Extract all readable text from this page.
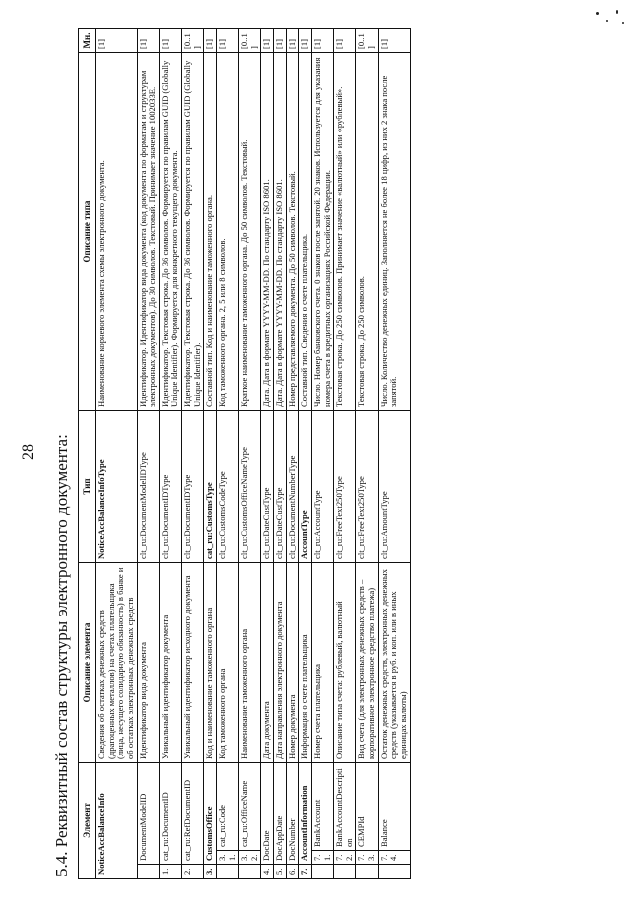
28 5.4. Реквизитный состав структуры электронного документа: Элемент			Описание элемента	Тип	Описание типа	Мн.
NoticeAccBalanceInfo			Сведения об остатках денежных средств (драгоценных металлов) на счетах плательщика (лица, несущего солидарную обязанность) в банке и об остатках электронных денежных средств	NoticeAccBalanceInfoType	Наименование корневого элемента схемы электронного документа.	[1]
	DocumentModelID		Идентификатор вида документа	clt_ru:DocumentModelIDType	Идентификатор. Идентификатор вида документа (код документа по форматам и структурам электронных документов). До 30 символов. Текстовый. Принимает значение 1002033Е.	[1]
1.	cat_ru:DocumentID		Уникальный идентификатор документа	clt_ru:DocumentIDType	Идентификатор. Текстовая строка. До 36 символов. Формируется по правилам GUID (Globally Unique Identifier). Формируется для конкретного текущего документа.	[1]
2.	cat_ru:RefDocumentID		Уникальный идентификатор исходного документа	clt_ru:DocumentIDType	Идентификатор. Текстовая строка. До 36 символов. Формируется по правилам GUID (Globally Unique Identifier).	[0..1]
3.	CustomsOffice		Код и наименование таможенного органа	cat_ru:CustomsType	Составной тип. Код и наименование таможенного органа.	[1]
	3.1.	cat_ru:Code	Код таможенного органа	clt_ru:CustomsCodeType	Код таможенного органа. 2, 5 или 8 символов.	[1]
	3.2.	cat_ru:OfficeName	Наименование таможенного органа	clt_ru:CustomsOfficeNameType	Краткое наименование таможенного органа. До 50 символов. Текстовый.	[0..1]
4.	DocDate		Дата документа	clt_ru:DateCustType	Дата. Дата в формате YYYY-MM-DD. По стандарту ISO 8601.	[1]
5.	DocAppDate		Дата направления электронного документа	clt_ru:DateCustType	Дата. Дата в формате YYYY-MM-DD. По стандарту ISO 8601.	[1]
6.	DocNumber		Номер документа	clt_ru:DocumentNumberType	Номер представляемого документа. До 50 символов. Текстовый.	[1]
7.	AccountInformation		Информация о счете плательщика	AccountType	Составной тип. Сведения о счете плательщика.	[1]
	7.1.	BankAccount	Номер счета плательщика	clt_ru:AccountType	Число. Номер банковского счета. 0 знаков после запятой. 20 знаков. Используется для указания номера счета в кредитных организациях Российской Федерации.	[1]
	7.2.	BankAccountDescription	Описание типа счета: рублевый, валютный	clt_ru:FreeText250Type	Текстовая строка. До 250 символов. Принимает значение «валютный» или «рублевый».	[1]
	7.3.	CEMPId	Вид счета (для электронных денежных средств – корпоративное электронное средство платежа)	clt_ru:FreeText250Type	Текстовая строка. До 250 символов.	[0..1]
	7.4.	Balance	Остаток денежных средств, электронных денежных средств (указывается в руб. и коп. или в иных единицах валюты)	clt_ru:AmountType	Число. Количество денежных единиц. Заполняется не более 18 цифр, из них 2 знака после запятой.	[1]
